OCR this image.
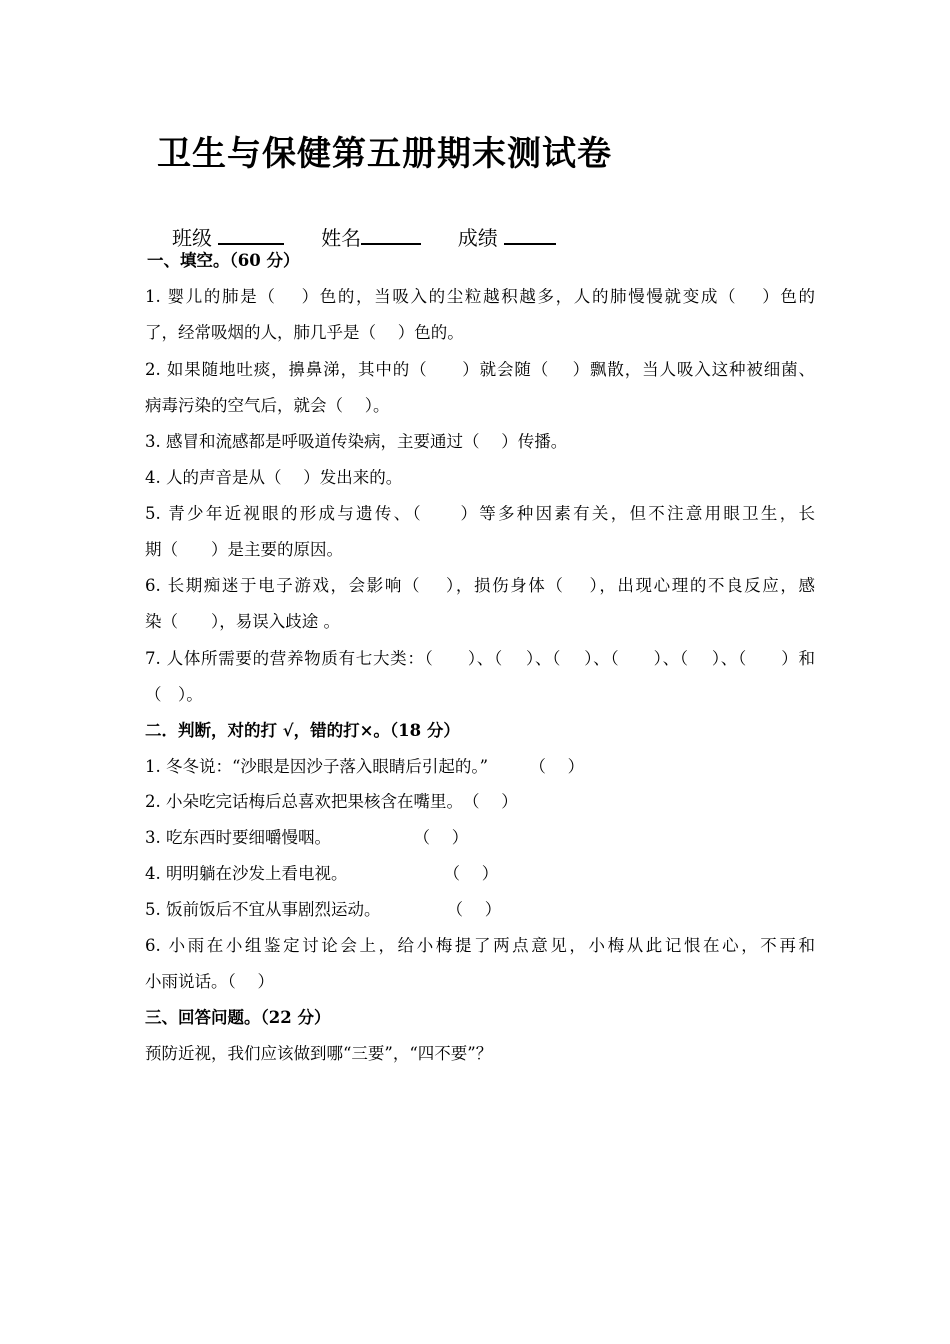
卫生与保健第五册期末测试卷
班级	姓名	成绩
一、填空。（60 分）
1. 婴儿的肺是（　 ）色的，当吸入的尘粒越积越多，人的肺慢慢就变成（　 ）色的
了，经常吸烟的人，肺几乎是（　 ）色的。
2. 如果随地吐痰，擤鼻涕，其中的（　　）就会随（　 ）飘散，当人吸入这种被细菌、
病毒污染的空气后，就会（　 ）。
3. 感冒和流感都是呼吸道传染病，主要通过（　 ）传播。
4. 人的声音是从（　 ）发出来的。
5. 青少年近视眼的形成与遗传、（　　）等多种因素有关，但不注意用眼卫生，长
期（　　）是主要的原因。
6. 长期痴迷于电子游戏，会影响（　 ），损伤身体（　 ），出现心理的不良反应，感
染（　　），易误入歧途 。
7. 人体所需要的营养物质有七大类：（　　）、（　 ）、（　 ）、（　　）、（　 ）、（　　）和
（　）。
二．判断，对的打 √，错的打×。（18 分）
1. 冬冬说：“沙眼是因沙子落入眼睛后引起的。”　　　（　 ）
2. 小朵吃完话梅后总喜欢把果核含在嘴里。　（　 ）
3. 吃东西时要细嚼慢咽。　　　　　　（　 ）
4. 明明躺在沙发上看电视。　　　　　　 （　 ）
5. 饭前饭后不宜从事剧烈运动。　　　　　（　 ）
6. 小雨在小组鉴定讨论会上，给小梅提了两点意见，小梅从此记恨在心，不再和
小雨说话。（　 ）
三、回答问题。（22 分）
预防近视，我们应该做到哪“三要”，“四不要”？
